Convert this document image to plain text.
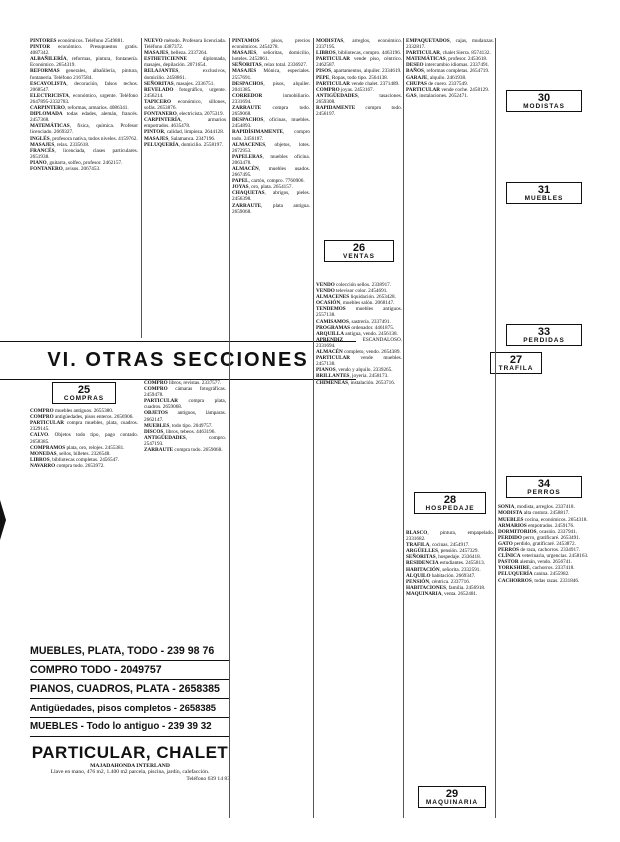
PINTORES económicos. Teléfono 2549881.

PINTOR económico. Presupuestos gratis. 4087342.

ALBAÑILERÍA, reformas, pintura, fontanería. Económico. 2654319.

REFORMAS generales, albañilería, pintura, fontanería. Teléfono 2167584.

ESCAYOLISTA, decoración, falsos techos. 2068547.

ELECTRICISTA, económico, urgente. Teléfono 2647895-2332783.

CARPINTERO, reformas, armarios. 4086341.

DIPLOMADA todas edades, alemán, francés. 2457368.

MATEMÁTICAS, física, química. Profesor licenciado. 2669327.

INGLÉS, profesora nativa, todos niveles. 4159762.

MASAJES, relax. 2335618.

FRANCÉS, licenciada, clases particulares. 2651938.

PIANO, guitarra, solfeo, profesor. 2462157.

FONTANERO, avisos. 2067453.

NUEVO método. Profesora licenciada. Teléfono 4387372.

MASAJES, belleza. 2337264.

ESTHETICIENNE diplomada, masajes, depilación. 2071654.

RELAJANTES, exclusivos, domicilio. 2458861.

SEÑORITAS, masajes. 2336751.

REVELADO fotográfico, urgente. 2456214.

TAPICERO económico, sillones, sofás. 2653876.

FONTANERO, electricista. 2075319.

CARPINTERÍA, armarios empotrados. 4635478.

PINTOR, calidad, limpieza. 2644128.

MASAJES, Salamanca. 2347196.

PELUQUERÍA, domicilio. 2558197.

PINTAMOS pisos, precios económicos. 2454278.

MASAJES, señoritas, domicilio, hoteles. 2452861.

SEÑORITAS, relax total. 2336927.

MASAJES Mónica, especiales. 2557691.

DESPACHOS, pisos, alquiler. 2041385.

CORREDOR inmobiliario. 2331694.

ZARRAUTE compra todo. 2659068.

DESPACHOS, oficinas, muebles. 2454893.

RAPIDÍSIMAMENTE, compro todo. 2456187.

ALMACENES, objetos, lotes. 2672953.

PAPELERAS, muebles oficina. 2063478.

ALMACÉN, muebles usados. 2667495.

PAPEL, cartón, compro. 7760906.

JOYAS, oro, plata. 2654157.

CHAQUETAS, abrigos, pieles. 2456398.

ZARRAUTE, plata antigua. 2659068.

MODISTAS, arreglos, económico. 2337195.

LIBROS, bibliotecas, compro. 4463196.

PARTICULAR vende piso, céntrico. 2462587.

PISOS, apartamentos, alquiler. 2334619.

PEPE, Ropas, todo tipo. 2564138.

PARTICULAR vende chalet. 2371489.

COMPRO joyas. 2453167.

ANTIGÜEDADES, tasaciones. 2659308.

RAPIDAMENTE compro todo. 2456197.

26
VENTAS

VENDO colección sellos. 2338917.

VENDO televisor color. 2454691.

ALMACENES liquidación. 2653428.

OCASIÓN, muebles salón. 2068147.

TENDEMOS muebles antiguos. 2557138.

CAMISAMOS, sastrería. 2337491.

PROGRAMAS ordenador. 4461875.

ARQUILLA antigua, vendo. 2456138.

APRENDIZ ESCANDALOSO. 2331694.

ALMACÉN completo, vendo. 2654389.

PARTICULAR vende muebles. 2457138.

PIANOS, vendo y alquilo. 2339265.

BRILLANTES, joyería. 2458173.

CHIMENEAS, instalación. 2653716.

EMPAQUETADOS, cajas, mudanzas. 2332817.

PARTICULAR, chalet Sierra. 8574132.

MATEMÁTICAS, profesor. 2453618.

DESEO intercambio idiomas. 2337491.

BAÑOS, reformas completas. 2654719.

GARAJE, alquilo. 2461938.

CHUPAS de cuero. 2337549.

PARTICULAR vende coche. 2458129.

GAS, instalaciones. 2652471.

27
TRAFILA
28
HOSPEDAJE

BLASCO, pintura, empapelado. 2331682.

TRAFILA, cocinas. 2454917.

ARGÜELLES, pensión. 2457329.

SEÑORITAS, hospedaje. 2336418.

RESIDENCIA estudiantes. 2455813.

HABITACIÓN, señorita. 2332591.

ALQUILO habitación. 2669347.

PENSIÓN, céntrica. 2337716.

HABITACIONES, familia. 2456918.

MAQUINARIA, venta. 2652481.

29
MAQUINARIA
30
MODISTAS
31
MUEBLES
33
PERDIDAS
34
PERROS

SONIA, modista, arreglos. 2337418.

MODISTA alta costura. 2458817.

MUEBLES cocina, económicos. 2654318.

ARMARIOS empotrados. 2459176.

DORMITORIOS, ocasión. 2337941.

PERDIDO perro, gratificaré. 2653491.

GATO perdido, gratificaré. 2453872.

PERROS de raza, cachorros. 2334917.

CLÍNICA veterinaria, urgencias. 2458163.

PASTOR alemán, vendo. 2656741.

YORKSHIRE, cachorros. 2337418.

PELUQUERÍA canina. 2455982.

CACHORROS, todas razas. 2331846.

VI. OTRAS SECCIONES
25
COMPRAS

COMPRO muebles antiguos. 2655380.

COMPRO antigüedades, pisos enteros. 2656906.

PARTICULAR compra muebles, plata, cuadros. 2329145.

CALVO. Objetos todo tipo, pago contado. 2658385.

COMPRAMOS plata, oro, relojes. 2455381.

MONEDAS, sellos, billetes. 2326548.

LIBROS, bibliotecas completas. 2456547.

NAVARRO compra todo. 2653972.

COMPRO libros, revistas. 2337577.

COMPRO cámaras fotográficas. 2459478.

PARTICULAR compra plata, cuadros. 2659068.

OBJETOS antiguos, lámparas. 2662147.

MUEBLES, todo tipo. 2049757.

DISCOS, libros, tebeos. 4463196.

ANTIGÜEDADES, compro. 2547193.

ZARRAUTE compra todo. 2659068.

MUEBLES, PLATA, TODO - 239 98 76
COMPRO TODO - 2049757
PIANOS, CUADROS, PLATA - 2658385
Antigüedades, pisos completos - 2658385
MUEBLES - Todo lo antiguo - 239 39 32
PARTICULAR, CHALET
MAJADAHONDA INTERLAND
Llave en mano, 476 m2, 1.400 m2 parcela, piscina, jardín, calefacción.
Teléfono 639 14 83
